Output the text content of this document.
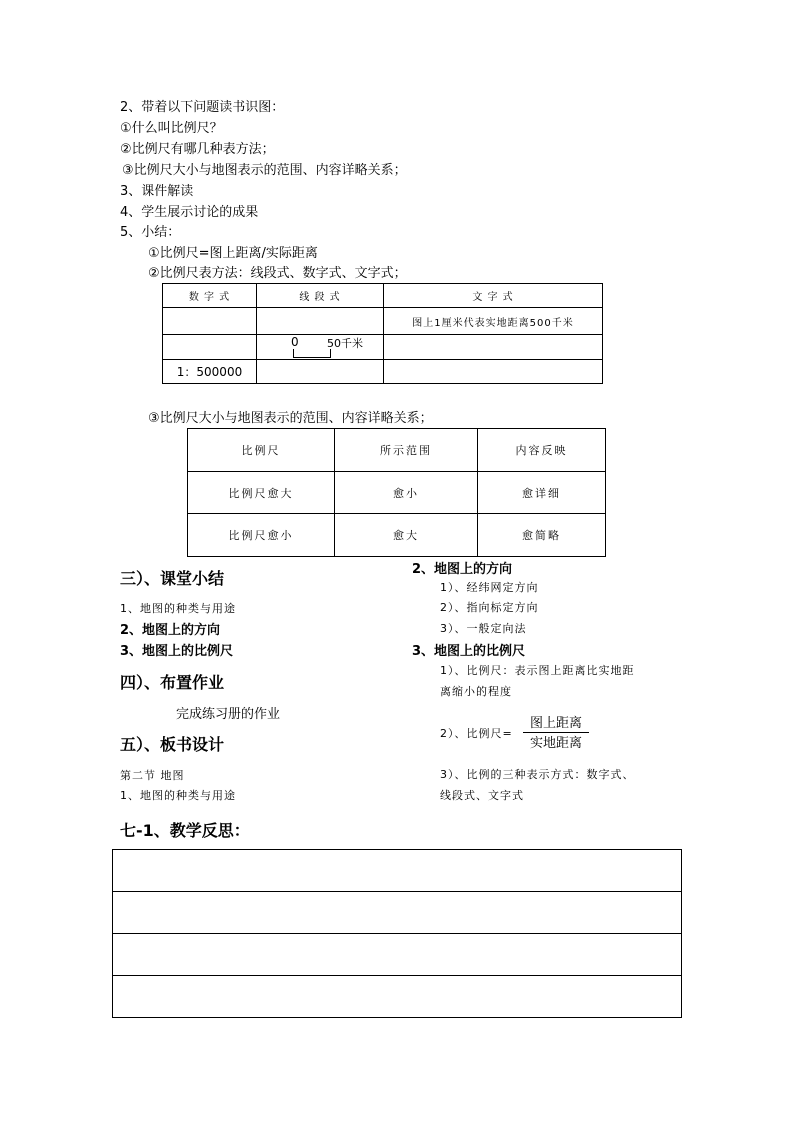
2、带着以下问题读书识图：
①什么叫比例尺？
②比例尺有哪几种表方法；
③比例尺大小与地图表示的范围、内容详略关系；
3、课件解读
4、学生展示讨论的成果
5、小结：
①比例尺=图上距离/实际距离
②比例尺表方法：线段式、数字式、文字式；
数 字 式	线 段 式	文 字 式
		图上1厘米代表实地距离500千米

	0 50千米	

1：500000		
③比例尺大小与地图表示的范围、内容详略关系；
比例尺	所示范围	内容反映
比例尺愈大	愈小	愈详细
比例尺愈小	愈大	愈简略
三）、课堂小结
1、地图的种类与用途
2、地图上的方向
3、地图上的比例尺
四）、布置作业
完成练习册的作业
五）、板书设计
第二节 地图
1、地图的种类与用途
2、地图上的方向
1）、经纬网定方向
2）、指向标定方向
3）、一般定向法
3、地图上的比例尺
1）、比例尺：表示图上距离比实地距
离缩小的程度
2）、比例尺=
图上距离
实地距离
3）、比例的三种表示方式：数字式、
线段式、文字式
七-1、教学反思：
